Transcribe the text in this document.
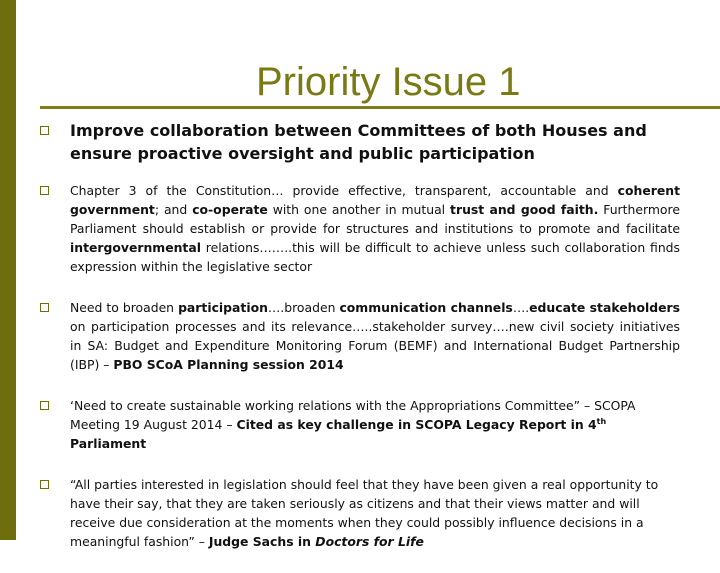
Priority Issue 1

Improve collaboration between Committees of both Houses and ensure proactive oversight and public participation

Chapter 3 of the Constitution… provide effective, transparent, accountable and coherent government; and co-operate with one another in mutual trust and good faith. Furthermore Parliament should establish or provide for structures and institutions to promote and facilitate intergovernmental relations……..this will be difficult to achieve unless such collaboration finds expression within the legislative sector

Need to broaden participation….broaden communication channels….educate stakeholders on participation processes and its relevance…..stakeholder survey….new civil society initiatives in SA: Budget and Expenditure Monitoring Forum (BEMF) and International Budget Partnership (IBP) – PBO SCoA Planning session 2014

‘Need to create sustainable working relations with the Appropriations Committee” – SCOPA Meeting 19 August 2014 – Cited as key challenge in SCOPA Legacy Report in 4th Parliament

“All parties interested in legislation should feel that they have been given a real opportunity to have their say, that they are taken seriously as citizens and that their views matter and will receive due consideration at the moments when they could possibly influence decisions in a meaningful fashion” – Judge Sachs in Doctors for Life
